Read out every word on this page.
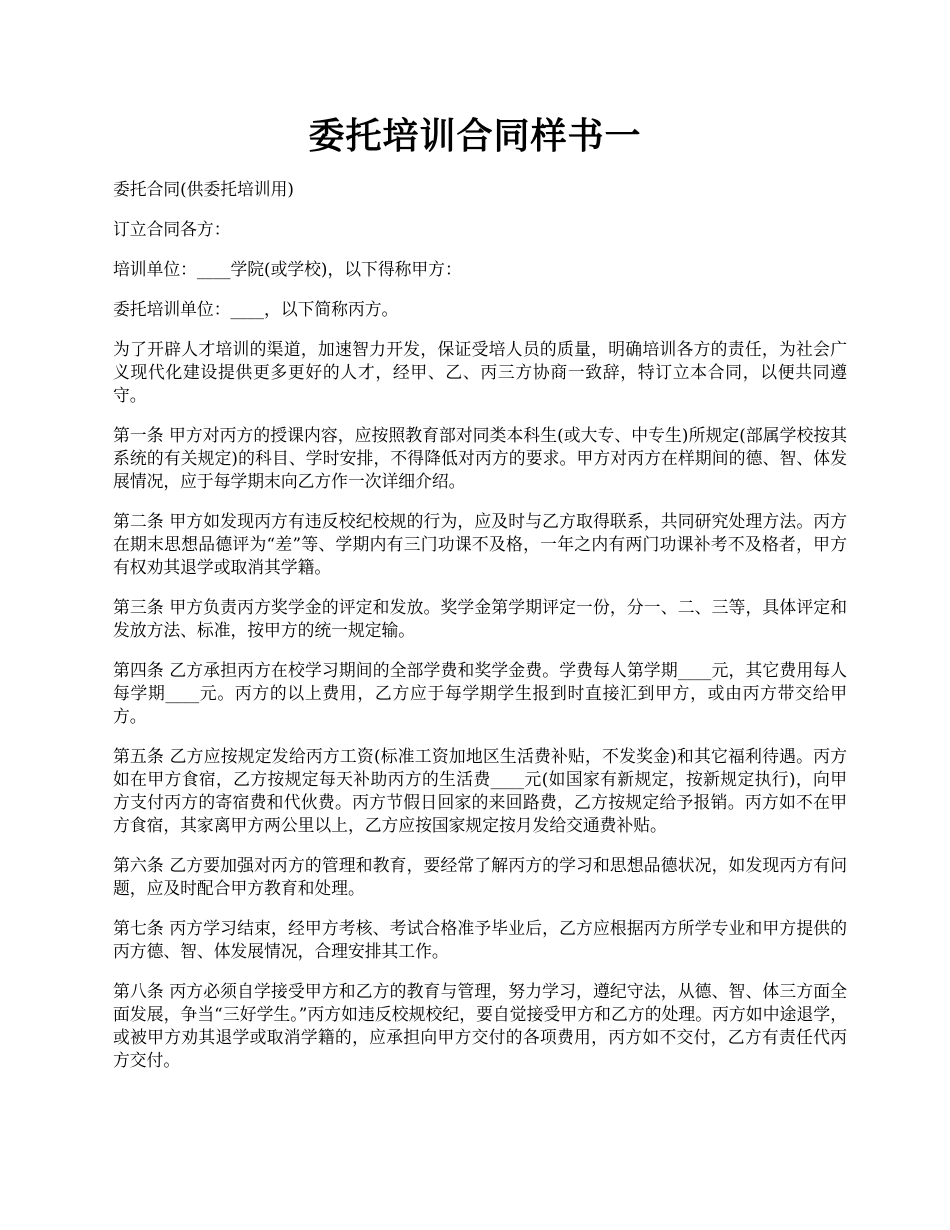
委托培训合同样书一

委托合同(供委托培训用)

订立合同各方：

培训单位：____学院(或学校)，以下得称甲方：

委托培训单位：____，以下简称丙方。

为了开辟人才培训的渠道，加速智力开发，保证受培人员的质量，明确培训各方的责任，为社会广义现代化建设提供更多更好的人才，经甲、乙、丙三方协商一致辞，特订立本合同，以便共同遵守。

第一条 甲方对丙方的授课内容，应按照教育部对同类本科生(或大专、中专生)所规定(部属学校按其系统的有关规定)的科目、学时安排，不得降低对丙方的要求。甲方对丙方在样期间的德、智、体发展情况，应于每学期末向乙方作一次详细介绍。

第二条 甲方如发现丙方有违反校纪校规的行为，应及时与乙方取得联系，共同研究处理方法。丙方在期末思想品德评为“差”等、学期内有三门功课不及格，一年之内有两门功课补考不及格者，甲方有权劝其退学或取消其学籍。

第三条 甲方负责丙方奖学金的评定和发放。奖学金第学期评定一份，分一、二、三等，具体评定和发放方法、标准，按甲方的统一规定输。

第四条 乙方承担丙方在校学习期间的全部学费和奖学金费。学费每人第学期____元，其它费用每人每学期____元。丙方的以上费用，乙方应于每学期学生报到时直接汇到甲方，或由丙方带交给甲方。

第五条 乙方应按规定发给丙方工资(标准工资加地区生活费补贴，不发奖金)和其它福利待遇。丙方如在甲方食宿，乙方按规定每天补助丙方的生活费____元(如国家有新规定，按新规定执行)，向甲方支付丙方的寄宿费和代伙费。丙方节假日回家的来回路费，乙方按规定给予报销。丙方如不在甲方食宿，其家离甲方两公里以上，乙方应按国家规定按月发给交通费补贴。

第六条 乙方要加强对丙方的管理和教育，要经常了解丙方的学习和思想品德状况，如发现丙方有问题，应及时配合甲方教育和处理。

第七条 丙方学习结束，经甲方考核、考试合格准予毕业后，乙方应根据丙方所学专业和甲方提供的丙方德、智、体发展情况，合理安排其工作。

第八条 丙方必须自学接受甲方和乙方的教育与管理，努力学习，遵纪守法，从德、智、体三方面全面发展，争当“三好学生。”丙方如违反校规校纪，要自觉接受甲方和乙方的处理。丙方如中途退学，或被甲方劝其退学或取消学籍的，应承担向甲方交付的各项费用，丙方如不交付，乙方有责任代丙方交付。
